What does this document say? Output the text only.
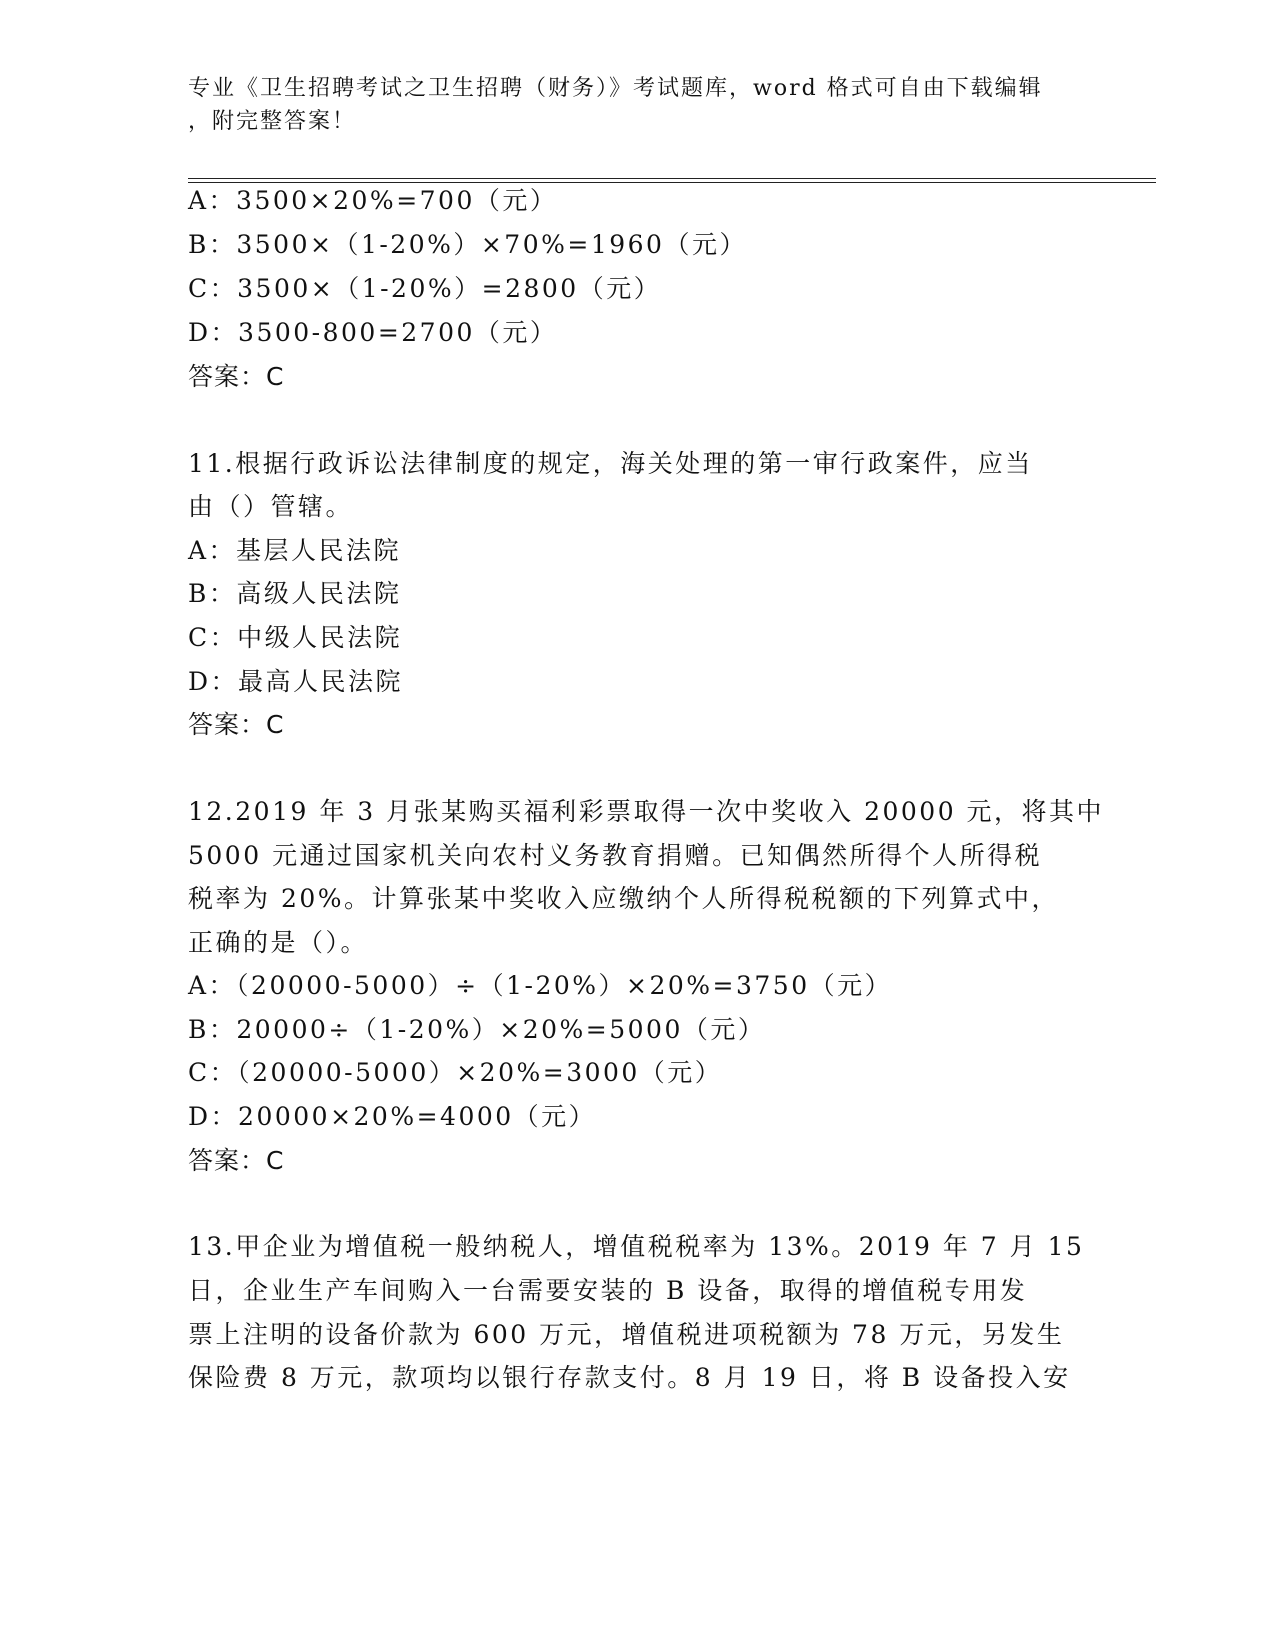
专业《卫生招聘考试之卫生招聘（财务）》考试题库，word 格式可自由下载编辑
，附完整答案！
A：3500×20%=700（元）
B：3500×（1-20%）×70%=1960（元）
C：3500×（1-20%）=2800（元）
D：3500-800=2700（元）
答案：C
11.根据行政诉讼法律制度的规定，海关处理的第一审行政案件，应当
由（）管辖。
A：基层人民法院
B：高级人民法院
C：中级人民法院
D：最高人民法院
答案：C
12.2019 年 3 月张某购买福利彩票取得一次中奖收入 20000 元，将其中
5000 元通过国家机关向农村义务教育捐赠。已知偶然所得个人所得税
税率为 20%。计算张某中奖收入应缴纳个人所得税税额的下列算式中，
正确的是（）。
A：（20000-5000）÷（1-20%）×20%=3750（元）
B：20000÷（1-20%）×20%=5000（元）
C：（20000-5000）×20%=3000（元）
D：20000×20%=4000（元）
答案：C
13.甲企业为增值税一般纳税人，增值税税率为 13%。2019 年 7 月 15
日，企业生产车间购入一台需要安装的 B 设备，取得的增值税专用发
票上注明的设备价款为 600 万元，增值税进项税额为 78 万元，另发生
保险费 8 万元，款项均以银行存款支付。8 月 19 日，将 B 设备投入安
